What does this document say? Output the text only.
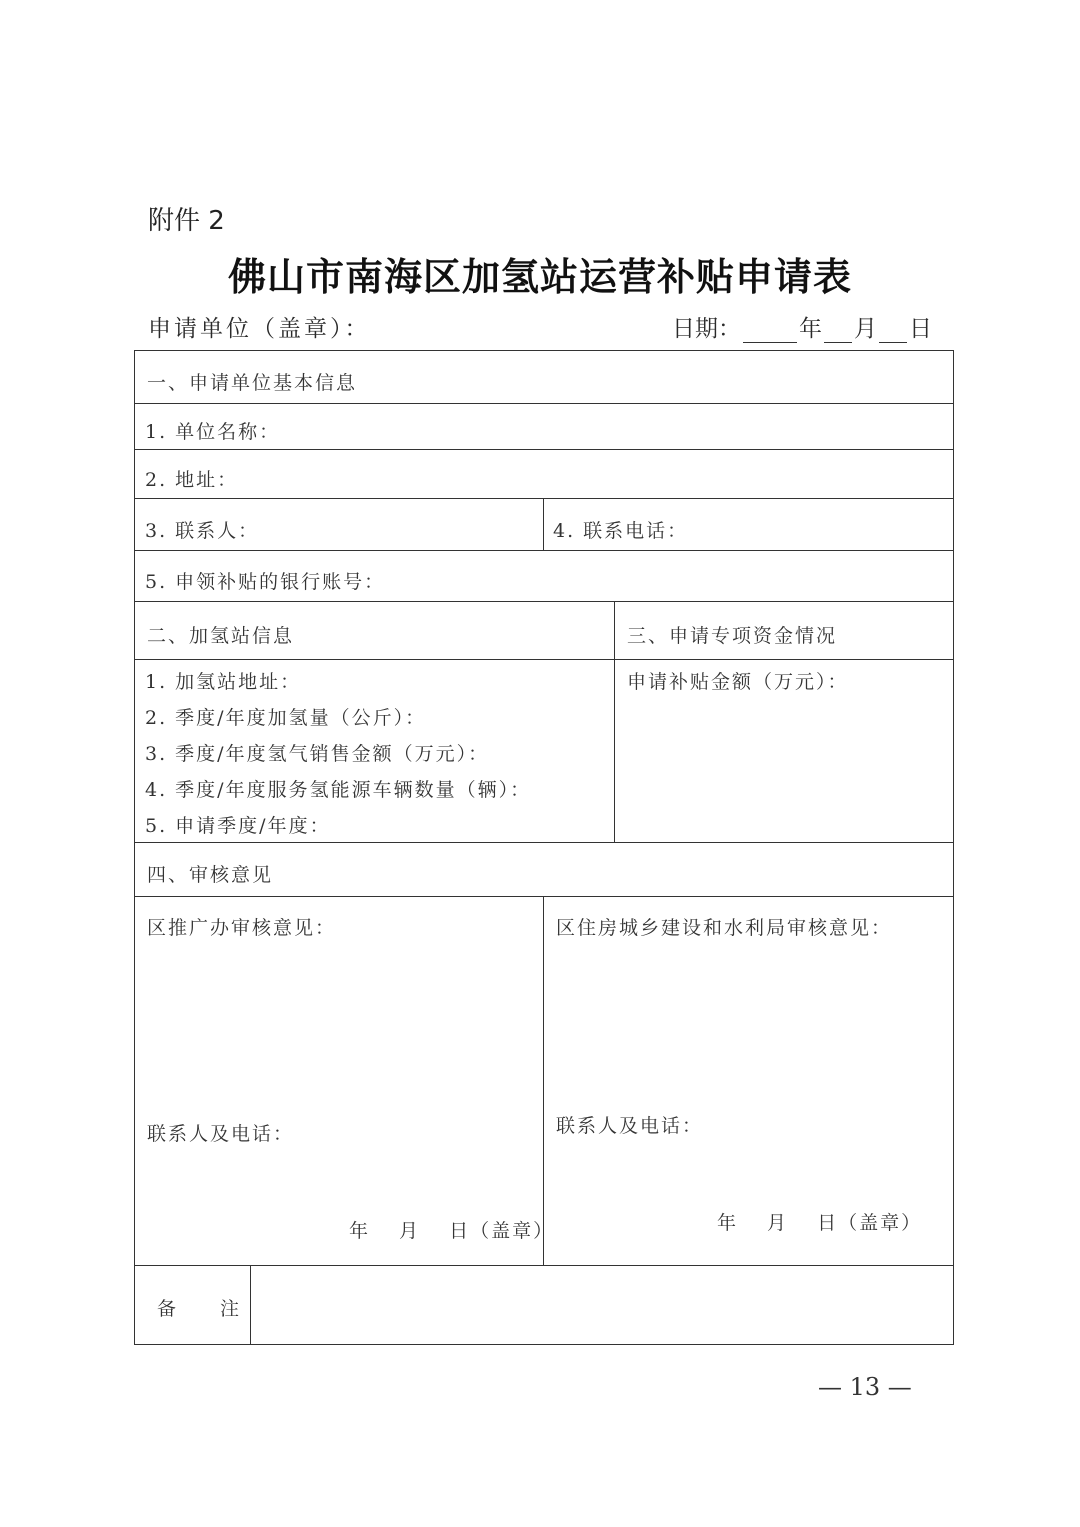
附件 2
佛山市南海区加氢站运营补贴申请表
申请单位（盖章）：	日期：	年 月 日
一、申请单位基本信息
1. 单位名称：
2. 地址：
3. 联系人：	4. 联系电话：
5. 申领补贴的银行账号：
二、加氢站信息	三、申请专项资金情况
1. 加氢站地址：
2. 季度/年度加氢量（公斤）：
3. 季度/年度氢气销售金额（万元）：
4. 季度/年度服务氢能源车辆数量（辆）：
5. 申请季度/年度：
申请补贴金额（万元）：
四、审核意见
区推广办审核意见：
联系人及电话：
年　 月　 日（盖章）
区住房城乡建设和水利局审核意见：
联系人及电话：
年　 月　 日（盖章）
备　　注
— 13 —
